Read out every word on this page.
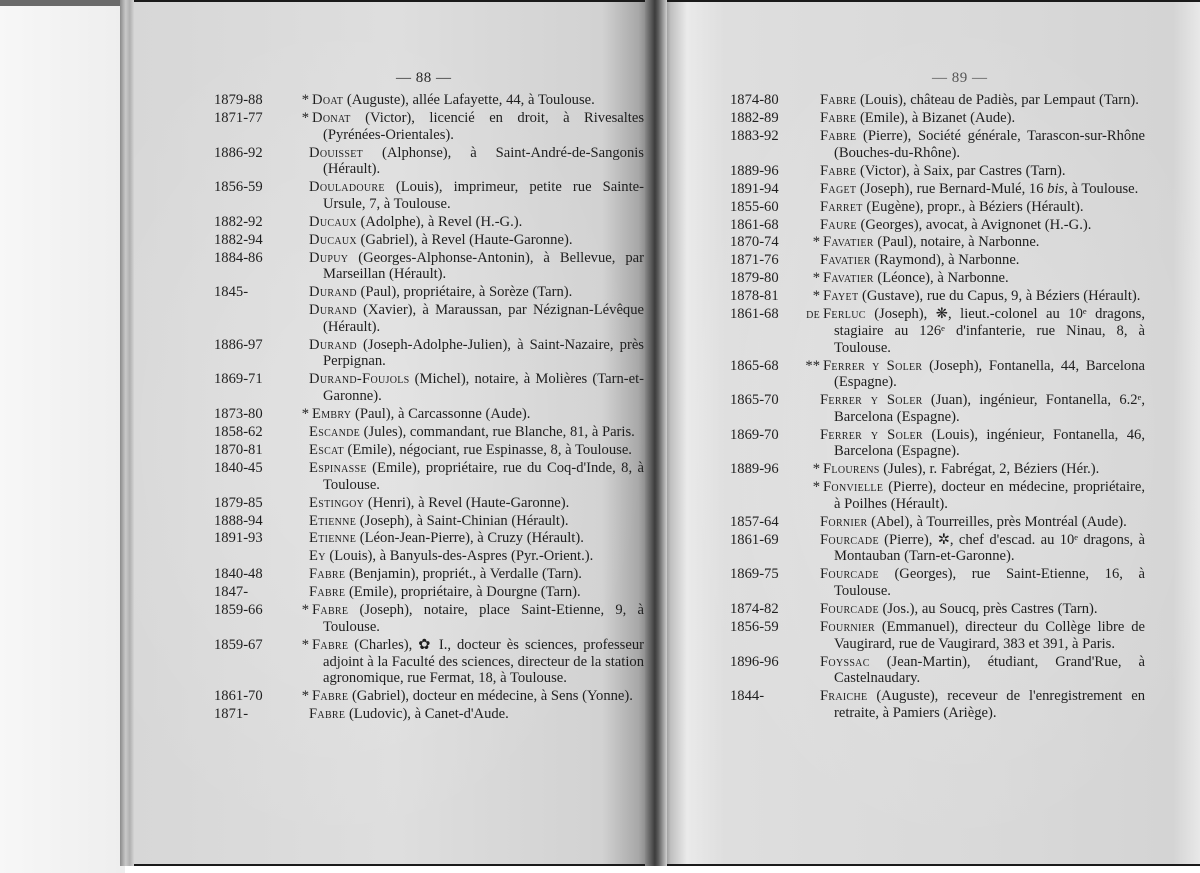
— 88 —
1879-88	* Doat (Auguste), allée Lafayette, 44, à Toulouse.
1871-77	* Donat (Victor), licencié en droit, à Rivesaltes (Pyrénées-Orientales).
1886-92	Douisset (Alphonse), à Saint-André-de-Sangonis (Hérault).
1856-59	Douladoure (Louis), imprimeur, petite rue Sainte-Ursule, 7, à Toulouse.
1882-92	Ducaux (Adolphe), à Revel (H.-G.).
1882-94	Ducaux (Gabriel), à Revel (Haute-Garonne).
1884-86	Dupuy (Georges-Alphonse-Antonin), à Bellevue, par Marseillan (Hérault).
1845-	Durand (Paul), propriétaire, à Sorèze (Tarn).
Durand (Xavier), à Maraussan, par Nézignan-Lévêque (Hérault).
1886-97	Durand (Joseph-Adolphe-Julien), à Saint-Nazaire, près Perpignan.
1869-71	Durand-Foujols (Michel), notaire, à Molières (Tarn-et-Garonne).
1873-80	* Embry (Paul), à Carcassonne (Aude).
1858-62	Escande (Jules), commandant, rue Blanche, 81, à Paris.
1870-81	Escat (Emile), négociant, rue Espinasse, 8, à Toulouse.
1840-45	Espinasse (Emile), propriétaire, rue du Coq-d'Inde, 8, à Toulouse.
1879-85	Estingoy (Henri), à Revel (Haute-Garonne).
1888-94	Etienne (Joseph), à Saint-Chinian (Hérault).
1891-93	Etienne (Léon-Jean-Pierre), à Cruzy (Hérault).
Ey (Louis), à Banyuls-des-Aspres (Pyr.-Orient.).
1840-48	Fabre (Benjamin), propriét., à Verdalle (Tarn).
1847-	Fabre (Emile), propriétaire, à Dourgne (Tarn).
1859-66	* Fabre (Joseph), notaire, place Saint-Etienne, 9, à Toulouse.
1859-67	* Fabre (Charles), ✿ I., docteur ès sciences, professeur adjoint à la Faculté des sciences, directeur de la station agronomique, rue Fermat, 18, à Toulouse.
1861-70	* Fabre (Gabriel), docteur en médecine, à Sens (Yonne).
1871-	Fabre (Ludovic), à Canet-d'Aude.
— 89 —
1874-80	Fabre (Louis), château de Padiès, par Lempaut (Tarn).
1882-89	Fabre (Emile), à Bizanet (Aude).
1883-92	Fabre (Pierre), Société générale, Tarascon-sur-Rhône (Bouches-du-Rhône).
1889-96	Fabre (Victor), à Saix, par Castres (Tarn).
1891-94	Faget (Joseph), rue Bernard-Mulé, 16 bis, à Toulouse.
1855-60	Farret (Eugène), propr., à Béziers (Hérault).
1861-68	Faure (Georges), avocat, à Avignonet (H.-G.).
1870-74	* Favatier (Paul), notaire, à Narbonne.
1871-76	Favatier (Raymond), à Narbonne.
1879-80	* Favatier (Léonce), à Narbonne.
1878-81	* Fayet (Gustave), rue du Capus, 9, à Béziers (Hérault).
1861-68	de Ferluc (Joseph), ❋, lieut.-colonel au 10ᵉ dragons, stagiaire au 126ᵉ d'infanterie, rue Ninau, 8, à Toulouse.
1865-68	** Ferrer y Soler (Joseph), Fontanella, 44, Barcelona (Espagne).
1865-70	Ferrer y Soler (Juan), ingénieur, Fontanella, 6.2ᵉ, Barcelona (Espagne).
1869-70	Ferrer y Soler (Louis), ingénieur, Fontanella, 46, Barcelona (Espagne).
1889-96	* Flourens (Jules), r. Fabrégat, 2, Béziers (Hér.).
* Fonvielle (Pierre), docteur en médecine, propriétaire, à Poilhes (Hérault).
1857-64	Fornier (Abel), à Tourreilles, près Montréal (Aude).
1861-69	Fourcade (Pierre), ✲, chef d'escad. au 10ᵉ dragons, à Montauban (Tarn-et-Garonne).
1869-75	Fourcade (Georges), rue Saint-Etienne, 16, à Toulouse.
1874-82	Fourcade (Jos.), au Soucq, près Castres (Tarn).
1856-59	Fournier (Emmanuel), directeur du Collège libre de Vaugirard, rue de Vaugirard, 383 et 391, à Paris.
1896-96	Foyssac (Jean-Martin), étudiant, Grand'Rue, à Castelnaudary.
1844-	Fraiche (Auguste), receveur de l'enregistrement en retraite, à Pamiers (Ariège).
